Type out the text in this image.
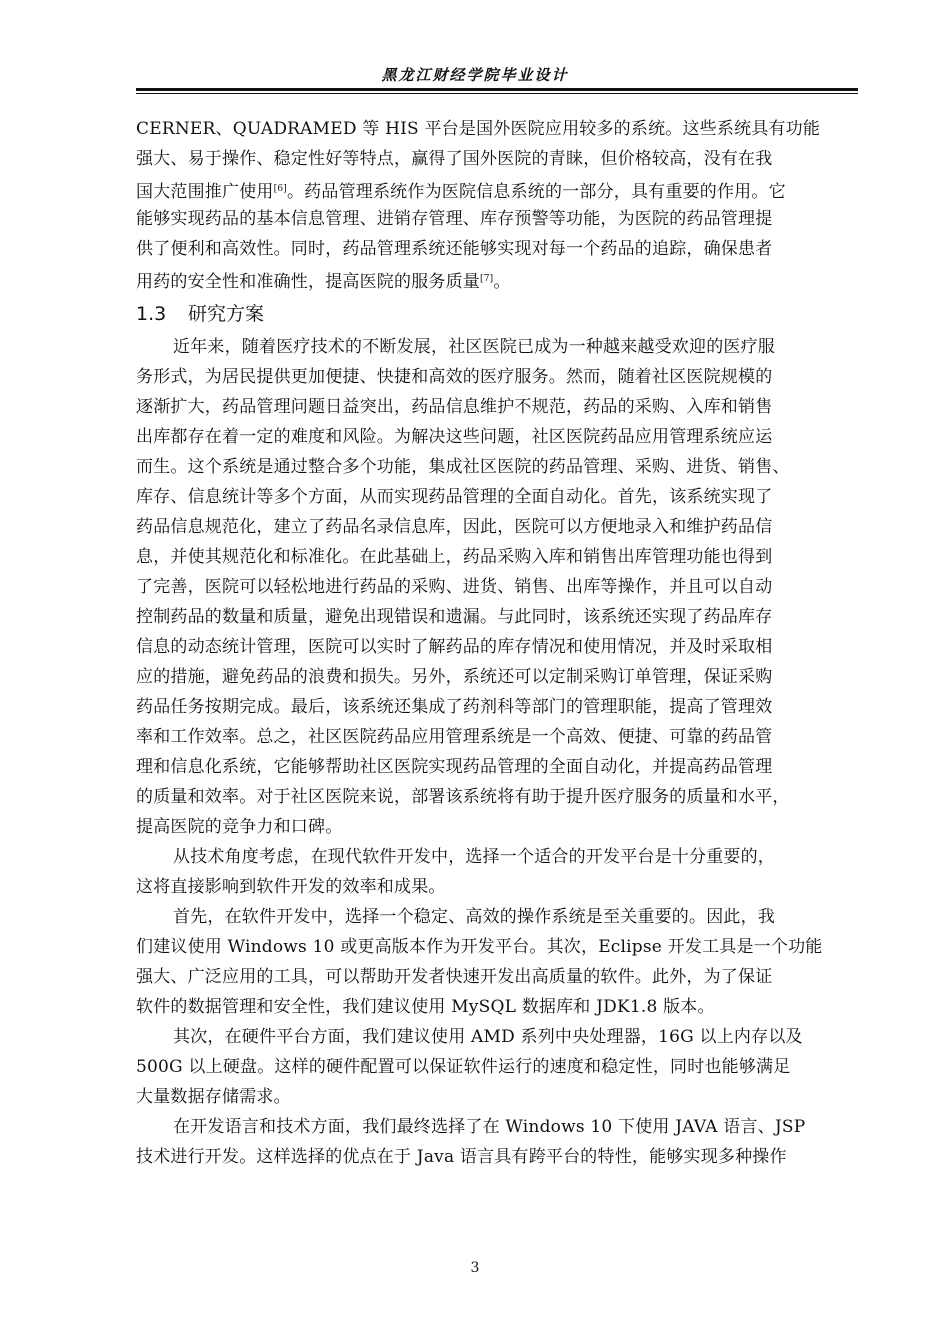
黑龙江财经学院毕业设计
CERNER、QUADRAMED 等 HIS 平台是国外医院应用较多的系统。这些系统具有功能
强大、易于操作、稳定性好等特点，赢得了国外医院的青睐，但价格较高，没有在我
国大范围推广使用[6]。药品管理系统作为医院信息系统的一部分，具有重要的作用。它
能够实现药品的基本信息管理、进销存管理、库存预警等功能，为医院的药品管理提
供了便利和高效性。同时，药品管理系统还能够实现对每一个药品的追踪，确保患者
用药的安全性和准确性，提高医院的服务质量[7]。
1.3 研究方案
近年来，随着医疗技术的不断发展，社区医院已成为一种越来越受欢迎的医疗服
务形式，为居民提供更加便捷、快捷和高效的医疗服务。然而，随着社区医院规模的
逐渐扩大，药品管理问题日益突出，药品信息维护不规范，药品的采购、入库和销售
出库都存在着一定的难度和风险。为解决这些问题，社区医院药品应用管理系统应运
而生。这个系统是通过整合多个功能，集成社区医院的药品管理、采购、进货、销售、
库存、信息统计等多个方面，从而实现药品管理的全面自动化。首先，该系统实现了
药品信息规范化，建立了药品名录信息库，因此，医院可以方便地录入和维护药品信
息，并使其规范化和标准化。在此基础上，药品采购入库和销售出库管理功能也得到
了完善，医院可以轻松地进行药品的采购、进货、销售、出库等操作，并且可以自动
控制药品的数量和质量，避免出现错误和遗漏。与此同时，该系统还实现了药品库存
信息的动态统计管理，医院可以实时了解药品的库存情况和使用情况，并及时采取相
应的措施，避免药品的浪费和损失。另外，系统还可以定制采购订单管理，保证采购
药品任务按期完成。最后，该系统还集成了药剂科等部门的管理职能，提高了管理效
率和工作效率。总之，社区医院药品应用管理系统是一个高效、便捷、可靠的药品管
理和信息化系统，它能够帮助社区医院实现药品管理的全面自动化，并提高药品管理
的质量和效率。对于社区医院来说，部署该系统将有助于提升医疗服务的质量和水平，
提高医院的竞争力和口碑。
从技术角度考虑，在现代软件开发中，选择一个适合的开发平台是十分重要的，
这将直接影响到软件开发的效率和成果。
首先，在软件开发中，选择一个稳定、高效的操作系统是至关重要的。因此，我
们建议使用 Windows 10 或更高版本作为开发平台。其次，Eclipse 开发工具是一个功能
强大、广泛应用的工具，可以帮助开发者快速开发出高质量的软件。此外，为了保证
软件的数据管理和安全性，我们建议使用 MySQL 数据库和 JDK1.8 版本。
其次，在硬件平台方面，我们建议使用 AMD 系列中央处理器，16G 以上内存以及
500G 以上硬盘。这样的硬件配置可以保证软件运行的速度和稳定性，同时也能够满足
大量数据存储需求。
在开发语言和技术方面，我们最终选择了在 Windows 10 下使用 JAVA 语言、JSP
技术进行开发。这样选择的优点在于 Java 语言具有跨平台的特性，能够实现多种操作
3
